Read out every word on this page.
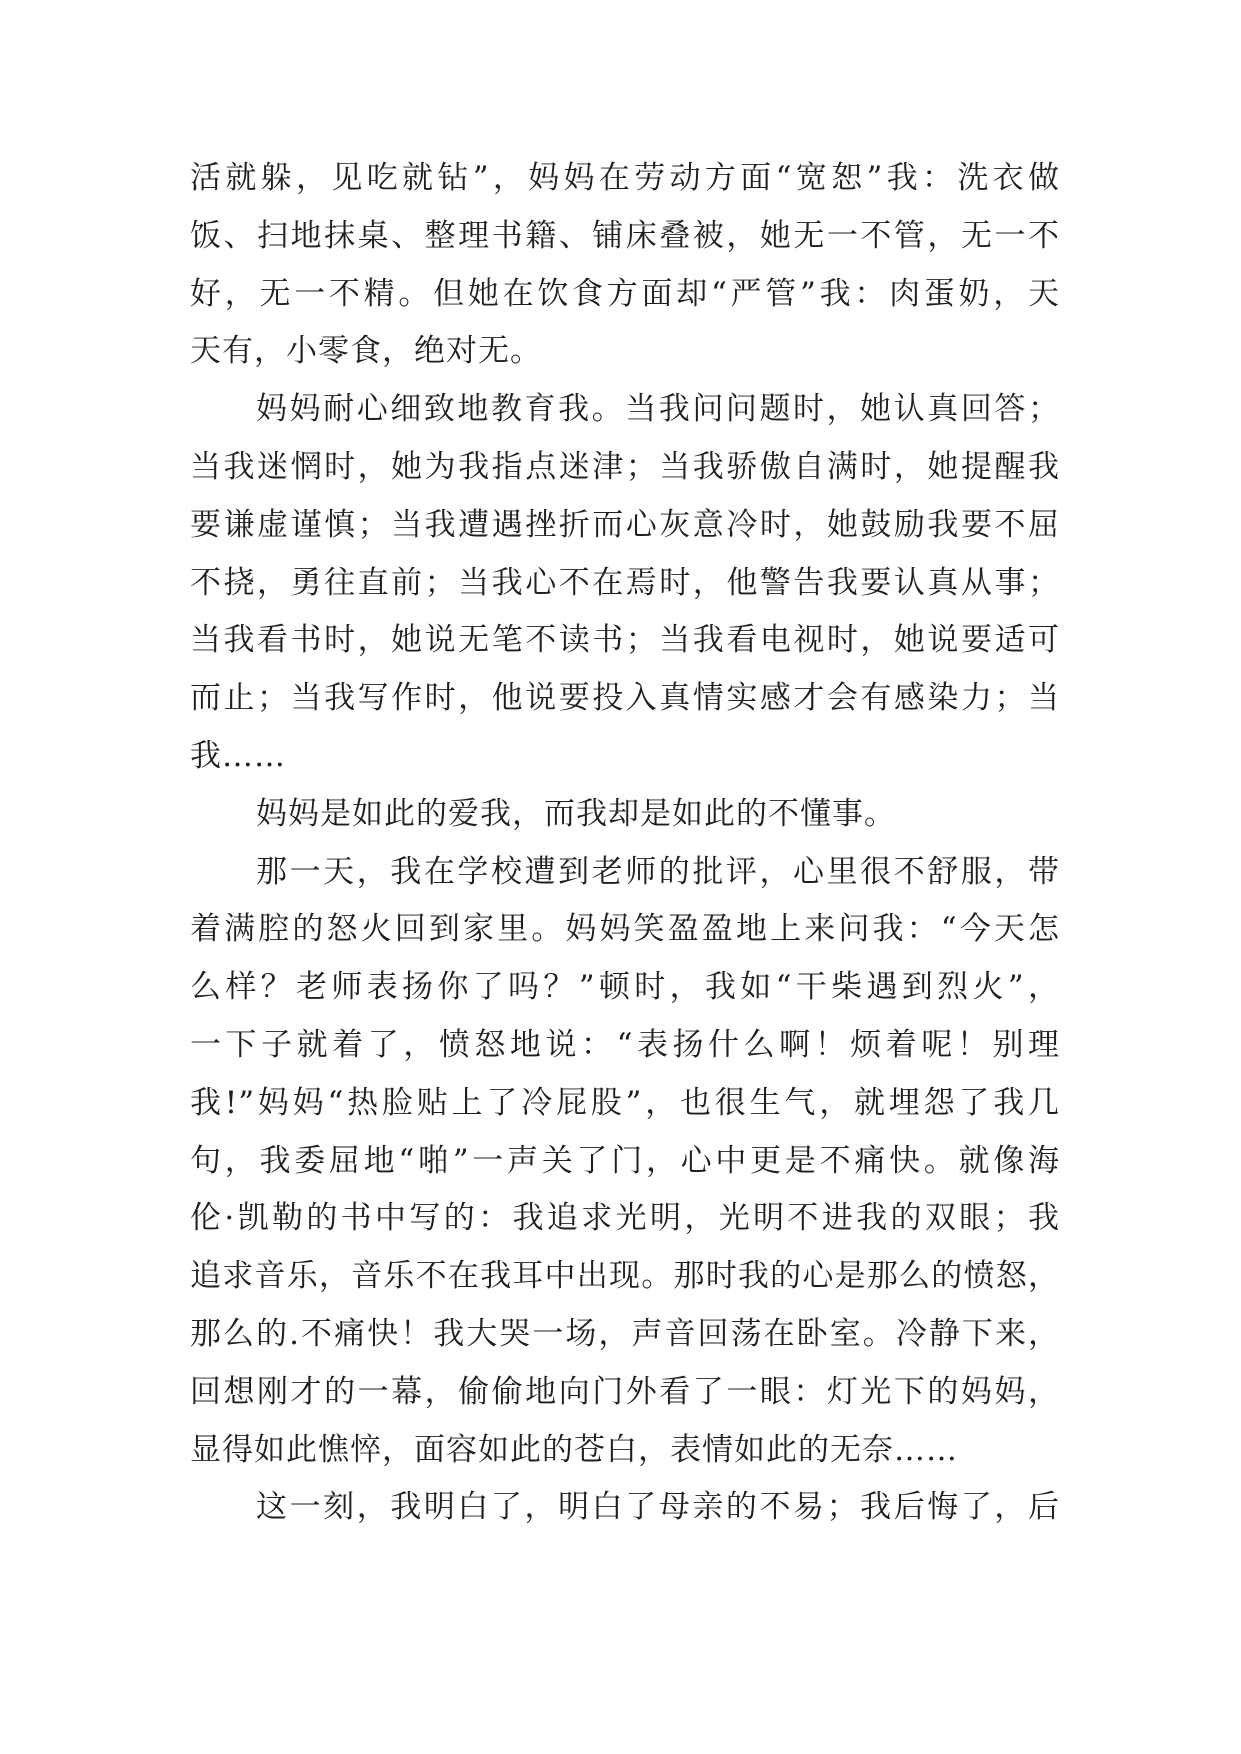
活就躲，见吃就钻”，妈妈在劳动方面“宽恕”我：洗衣做
饭、扫地抹桌、整理书籍、铺床叠被，她无一不管，无一不
好，无一不精。但她在饮食方面却“严管”我：肉蛋奶，天
天有，小零食，绝对无。
妈妈耐心细致地教育我。当我问问题时，她认真回答；
当我迷惘时，她为我指点迷津；当我骄傲自满时，她提醒我
要谦虚谨慎；当我遭遇挫折而心灰意冷时，她鼓励我要不屈
不挠，勇往直前；当我心不在焉时，他警告我要认真从事；
当我看书时，她说无笔不读书；当我看电视时，她说要适可
而止；当我写作时，他说要投入真情实感才会有感染力；当
我……
妈妈是如此的爱我，而我却是如此的不懂事。
那一天，我在学校遭到老师的批评，心里很不舒服，带
着满腔的怒火回到家里。妈妈笑盈盈地上来问我：“今天怎
么样？老师表扬你了吗？”顿时，我如“干柴遇到烈火”，
一下子就着了，愤怒地说：“表扬什么啊！烦着呢！别理
我!”妈妈“热脸贴上了冷屁股”，也很生气，就埋怨了我几
句，我委屈地“啪”一声关了门，心中更是不痛快。就像海
伦·凯勒的书中写的：我追求光明，光明不进我的双眼；我
追求音乐，音乐不在我耳中出现。那时我的心是那么的愤怒，
那么的.不痛快！我大哭一场，声音回荡在卧室。冷静下来，
回想刚才的一幕，偷偷地向门外看了一眼：灯光下的妈妈，
显得如此憔悴，面容如此的苍白，表情如此的无奈……
这一刻，我明白了，明白了母亲的不易；我后悔了，后
